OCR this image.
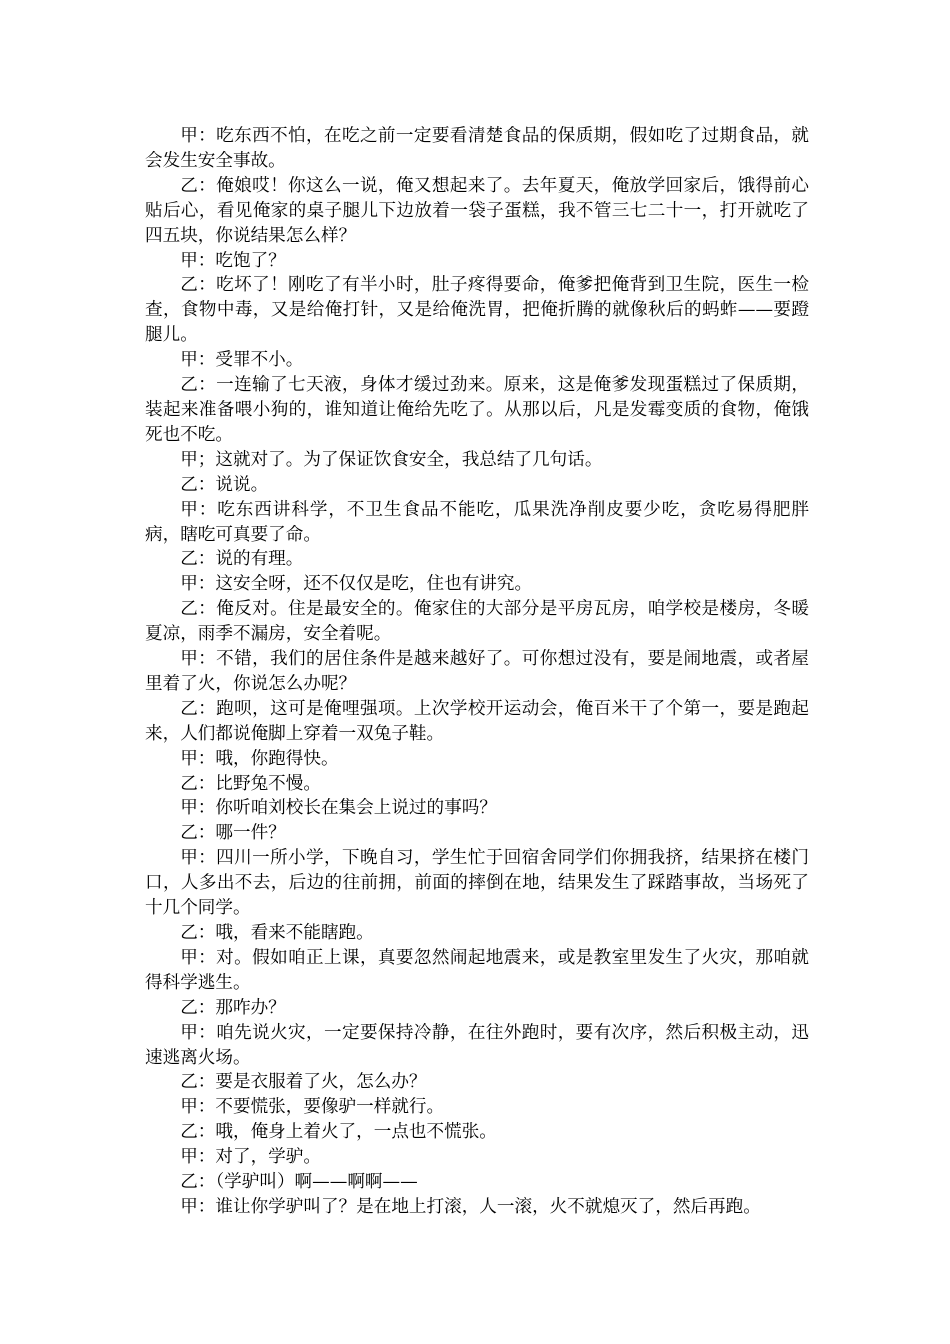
甲：吃东西不怕，在吃之前一定要看清楚食品的保质期，假如吃了过期食品，就会发生安全事故。

乙：俺娘哎！你这么一说，俺又想起来了。去年夏天，俺放学回家后，饿得前心贴后心，看见俺家的桌子腿儿下边放着一袋子蛋糕，我不管三七二十一，打开就吃了四五块，你说结果怎么样？

甲：吃饱了？

乙：吃坏了！刚吃了有半小时，肚子疼得要命，俺爹把俺背到卫生院，医生一检查，食物中毒，又是给俺打针，又是给俺洗胃，把俺折腾的就像秋后的蚂蚱——要蹬腿儿。

甲：受罪不小。

乙：一连输了七天液，身体才缓过劲来。原来，这是俺爹发现蛋糕过了保质期，装起来准备喂小狗的，谁知道让俺给先吃了。从那以后，凡是发霉变质的食物，俺饿死也不吃。

甲；这就对了。为了保证饮食安全，我总结了几句话。

乙：说说。

甲：吃东西讲科学，不卫生食品不能吃，瓜果洗净削皮要少吃，贪吃易得肥胖病，瞎吃可真要了命。

乙：说的有理。

甲：这安全呀，还不仅仅是吃，住也有讲究。

乙：俺反对。住是最安全的。俺家住的大部分是平房瓦房，咱学校是楼房，冬暖夏凉，雨季不漏房，安全着呢。

甲：不错，我们的居住条件是越来越好了。可你想过没有，要是闹地震，或者屋里着了火，你说怎么办呢？

乙：跑呗，这可是俺哩强项。上次学校开运动会，俺百米干了个第一，要是跑起来，人们都说俺脚上穿着一双兔子鞋。

甲：哦，你跑得快。

乙：比野兔不慢。

甲：你听咱刘校长在集会上说过的事吗？

乙：哪一件？

甲：四川一所小学，下晚自习，学生忙于回宿舍同学们你拥我挤，结果挤在楼门口，人多出不去，后边的往前拥，前面的摔倒在地，结果发生了踩踏事故，当场死了十几个同学。

乙：哦，看来不能瞎跑。

甲：对。假如咱正上课，真要忽然闹起地震来，或是教室里发生了火灾，那咱就得科学逃生。

乙：那咋办？

甲：咱先说火灾，一定要保持冷静，在往外跑时，要有次序，然后积极主动，迅速逃离火场。

乙：要是衣服着了火，怎么办？

甲：不要慌张，要像驴一样就行。

乙：哦，俺身上着火了，一点也不慌张。

甲：对了，学驴。

乙：（学驴叫）啊——啊啊——

甲：谁让你学驴叫了？是在地上打滚，人一滚，火不就熄灭了，然后再跑。
